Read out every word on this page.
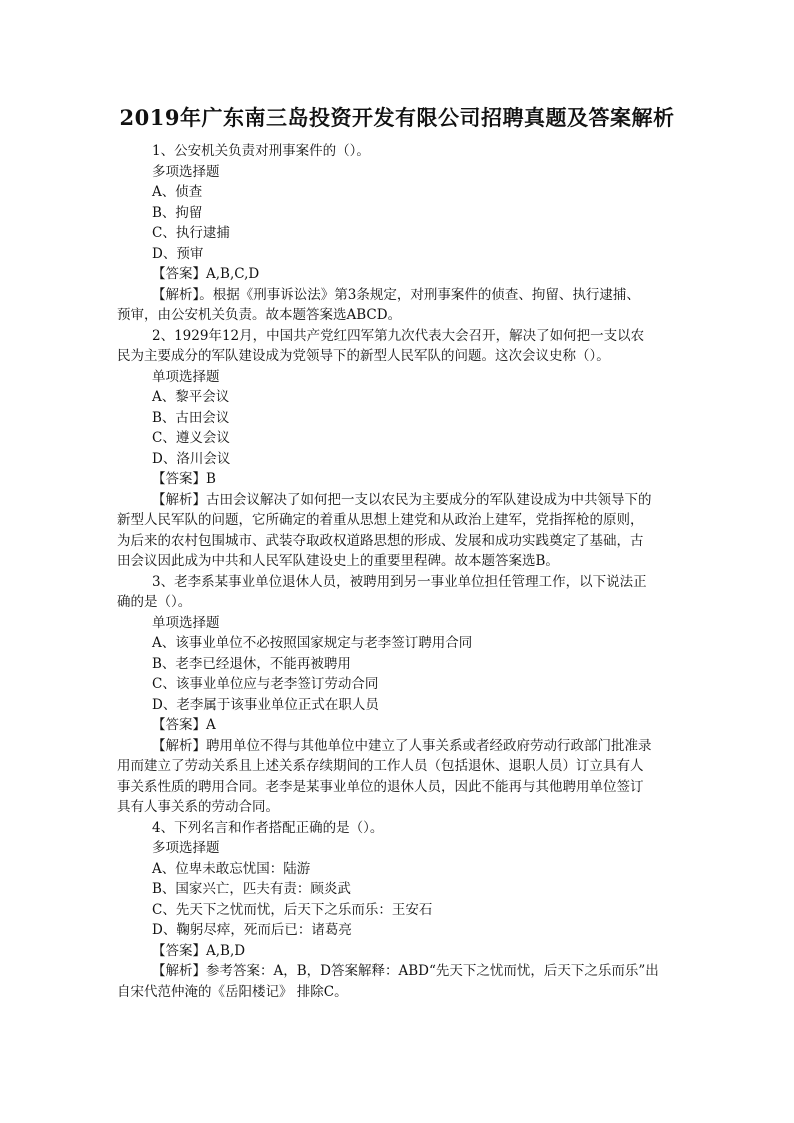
2019年广东南三岛投资开发有限公司招聘真题及答案解析
1、公安机关负责对刑事案件的（）。
多项选择题
A、侦查
B、拘留
C、执行逮捕
D、预审
【答案】A,B,C,D
【解析】。根据《刑事诉讼法》第3条规定，对刑事案件的侦查、拘留、执行逮捕、
预审，由公安机关负责。故本题答案选ABCD。
2、1929年12月，中国共产党红四军第九次代表大会召开，解决了如何把一支以农
民为主要成分的军队建设成为党领导下的新型人民军队的问题。这次会议史称（）。
单项选择题
A、黎平会议
B、古田会议
C、遵义会议
D、洛川会议
【答案】B
【解析】古田会议解决了如何把一支以农民为主要成分的军队建设成为中共领导下的
新型人民军队的问题，它所确定的着重从思想上建党和从政治上建军，党指挥枪的原则，
为后来的农村包围城市、武装夺取政权道路思想的形成、发展和成功实践奠定了基础，古
田会议因此成为中共和人民军队建设史上的重要里程碑。故本题答案选B。
3、老李系某事业单位退休人员，被聘用到另一事业单位担任管理工作，以下说法正
确的是（）。
单项选择题
A、该事业单位不必按照国家规定与老李签订聘用合同
B、老李已经退休，不能再被聘用
C、该事业单位应与老李签订劳动合同
D、老李属于该事业单位正式在职人员
【答案】A
【解析】聘用单位不得与其他单位中建立了人事关系或者经政府劳动行政部门批准录
用而建立了劳动关系且上述关系存续期间的工作人员（包括退休、退职人员）订立具有人
事关系性质的聘用合同。老李是某事业单位的退休人员，因此不能再与其他聘用单位签订
具有人事关系的劳动合同。
4、下列名言和作者搭配正确的是（）。
多项选择题
A、位卑未敢忘忧国：陆游
B、国家兴亡，匹夫有责：顾炎武
C、先天下之忧而忧，后天下之乐而乐：王安石
D、鞠躬尽瘁，死而后已：诸葛亮
【答案】A,B,D
【解析】参考答案：A，B，D答案解释：ABD“先天下之忧而忧，后天下之乐而乐”出
自宋代范仲淹的《岳阳楼记》 排除C。
